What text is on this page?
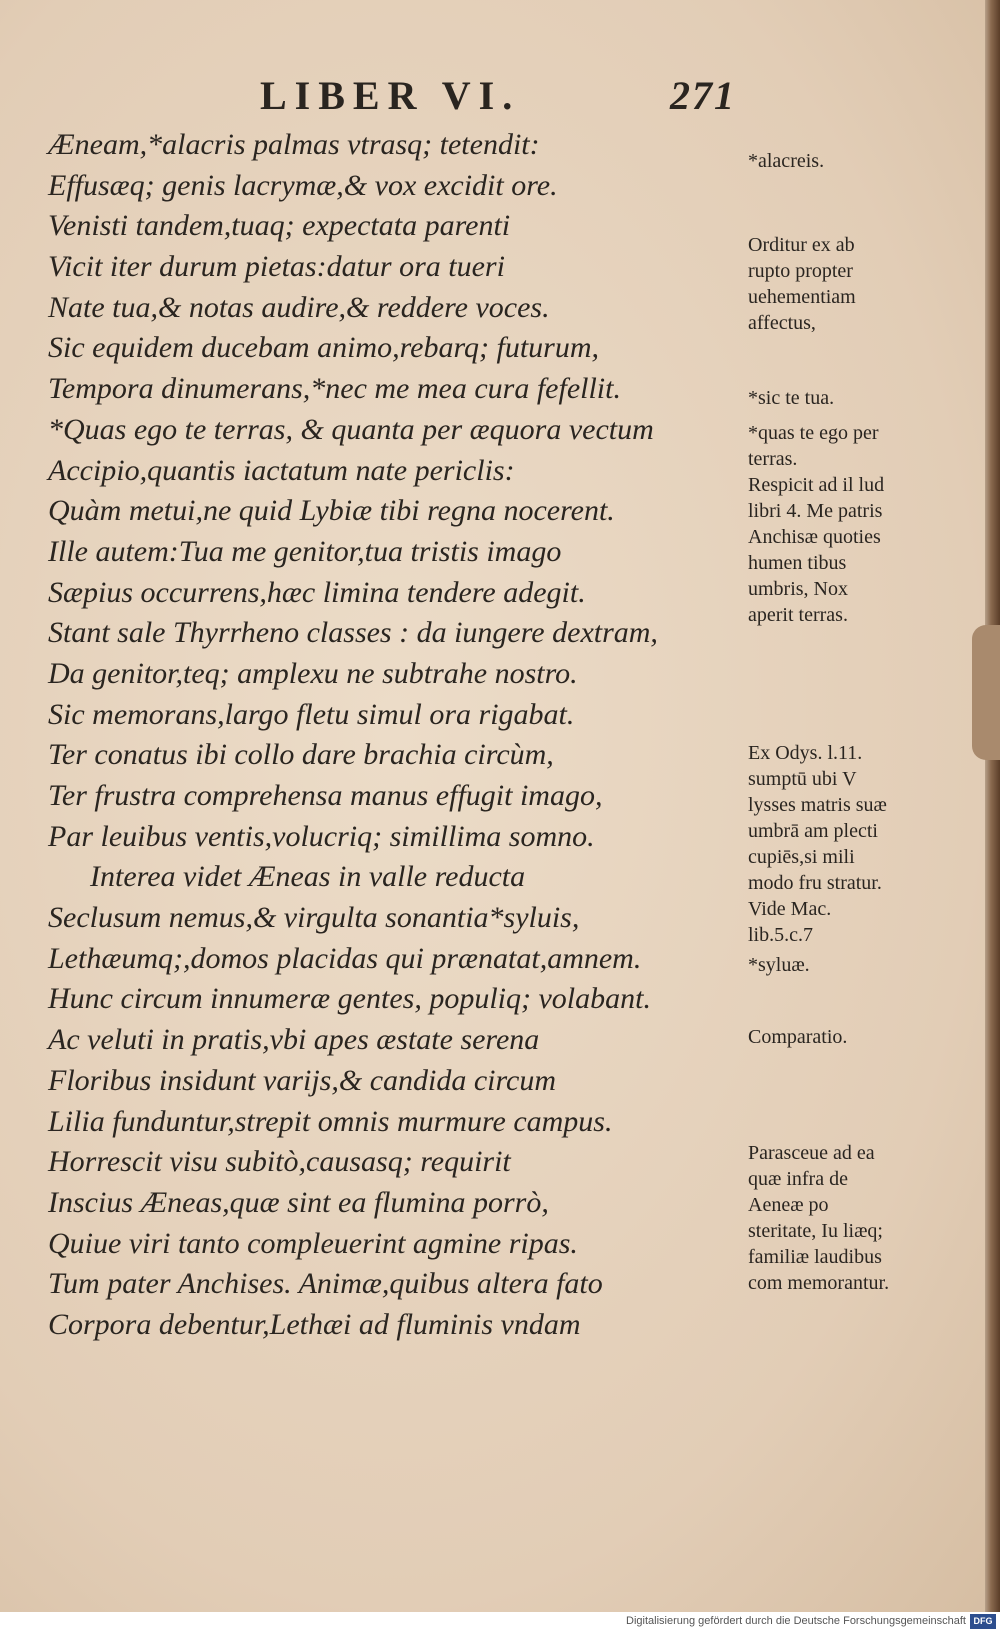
LIBER VI.	271
Æneam,*alacris palmas vtrasq; tetendit:
Effusæq; genis lacrymæ,& vox excidit ore.
Venisti tandem,tuaq; expectata parenti
Vicit iter durum pietas:datur ora tueri
Nate tua,& notas audire,& reddere voces.
Sic equidem ducebam animo,rebarq; futurum,
Tempora dinumerans,*nec me mea cura fefellit.
*Quas ego te terras, & quanta per æquora vectum
Accipio,quantis iactatum nate periclis:
Quàm metui,ne quid Lybiæ tibi regna nocerent.
Ille autem:Tua me genitor,tua tristis imago
Sæpius occurrens,hæc limina tendere adegit.
Stant sale Thyrrheno classes : da iungere dextram,
Da genitor,teq; amplexu ne subtrahe nostro.
Sic memorans,largo fletu simul ora rigabat.
Ter conatus ibi collo dare brachia circùm,
Ter frustra comprehensa manus effugit imago,
Par leuibus ventis,volucriq; simillima somno.
Interea videt Æneas in valle reducta
Seclusum nemus,& virgulta sonantia*syluis,
Lethæumq;,domos placidas qui prænatat,amnem.
Hunc circum innumeræ gentes, populiq; volabant.
Ac veluti in pratis,vbi apes æstate serena
Floribus insidunt varijs,& candida circum
Lilia funduntur,strepit omnis murmure campus.
Horrescit visu subitò,causasq; requirit
Inscius Æneas,quæ sint ea flumina porrò,
Quiue viri tanto compleuerint agmine ripas.
Tum pater Anchises. Animæ,quibus altera fato
Corpora debentur,Lethæi ad fluminis vndam
*alacreis.
Orditur ex ab rupto propter uehementiam affectus,
*sic te tua.
*quas te ego per terras.
Respicit ad il lud libri 4. Me patris Anchisæ quoties humen tibus umbris, Nox aperit terras.
Ex Odys. l.11. sumptū ubi V lysses matris suæ umbrā am plecti cupiēs,si mili modo fru stratur. Vide Mac. lib.5.c.7
*syluæ.
Comparatio.
Parasceue ad ea quæ infra de Aeneæ po steritate, Iu liæq; familiæ laudibus com memorantur.
Digitalisierung gefördert durch die Deutsche Forschungsgemeinschaft DFG
